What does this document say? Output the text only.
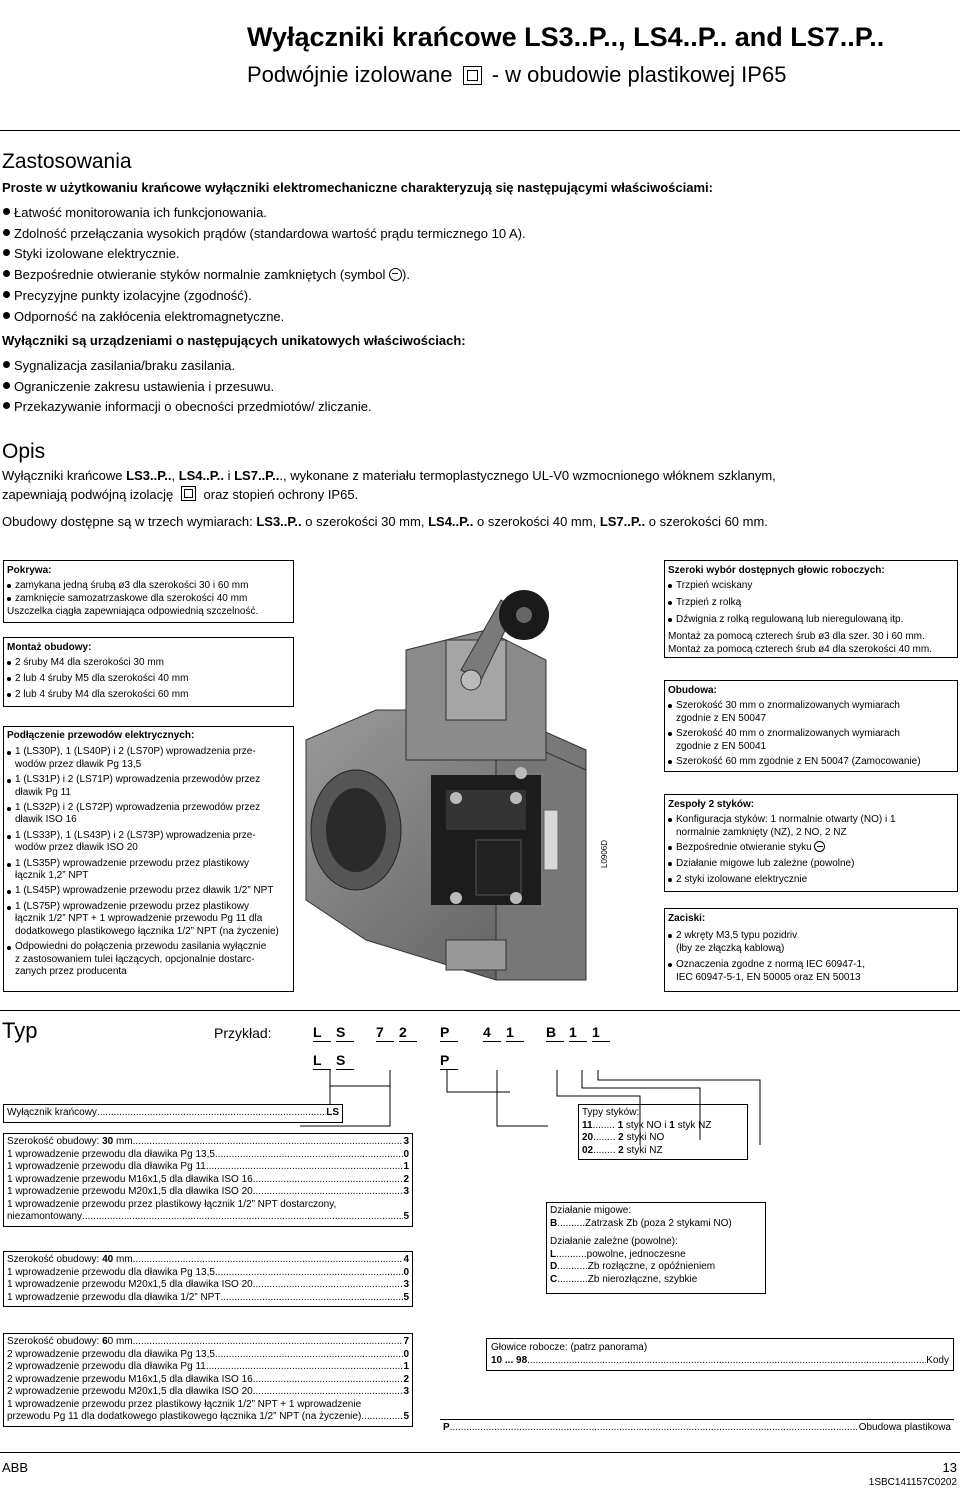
Wyłączniki krańcowe LS3..P.., LS4..P.. and LS7..P..
Podwójnie izolowane - w obudowie plastikowej IP65
Zastosowania
Proste w użytkowaniu krańcowe wyłączniki elektromechaniczne charakteryzują się następującymi właściwościami:
Łatwość monitorowania ich funkcjonowania.
Zdolność przełączania wysokich prądów (standardowa wartość prądu termicznego 10 A).
Styki izolowane elektrycznie.
Bezpośrednie otwieranie styków normalnie zamkniętych (symbol ).
Precyzyjne punkty izolacyjne (zgodność).
Odporność na zakłócenia elektromagnetyczne.
Wyłączniki są urządzeniami o następujących unikatowych właściwościach:
Sygnalizacja zasilania/braku zasilania.
Ograniczenie zakresu ustawienia i przesuwu.
Przekazywanie informacji o obecności przedmiotów/ zliczanie.
Opis
Wyłączniki krańcowe LS3..P.., LS4..P.. i LS7..P..., wykonane z materiału termoplastycznego UL-V0 wzmocnionego włóknem szklanym,
zapewniają podwójną izolację oraz stopień ochrony IP65.
Obudowy dostępne są w trzech wymiarach: LS3..P.. o szerokości 30 mm, LS4..P.. o szerokości 40 mm, LS7..P.. o szerokości 60 mm.
Pokrywa:
zamykana jedną śrubą ø3 dla szerokości 30 i 60 mm
zamknięcie samozatrzaskowe dla szerokości 40 mm
Uszczelka ciągła zapewniająca odpowiednią szczelność.
Montaż obudowy:
2 śruby M4 dla szerokości 30 mm
2 lub 4 śruby M5 dla szerokości 40 mm
2 lub 4 śruby M4 dla szerokości 60 mm
Podłączenie przewodów elektrycznych:
1 (LS30P), 1 (LS40P) i 2 (LS70P) wprowadzenia prze-
wodów przez dławik Pg 13,5
1 (LS31P) i 2 (LS71P) wprowadzenia przewodów przez
dławik Pg 11
1 (LS32P) i 2 (LS72P) wprowadzenia przewodów przez
dławik ISO 16
1 (LS33P), 1 (LS43P) i 2 (LS73P) wprowadzenia prze-
wodów przez dławik ISO 20
1 (LS35P) wprowadzenie przewodu przez plastikowy
łącznik 1,2” NPT
1 (LS45P) wprowadzenie przewodu przez dławik 1/2” NPT
1 (LS75P) wprowadzenie przewodu przez plastikowy
łącznik 1/2” NPT + 1 wprowadzenie przewodu Pg 11 dla
dodatkowego plastikowego łącznika 1/2” NPT (na życzenie)
Odpowiedni do połączenia przewodu zasilania wyłącznie
z zastosowaniem tulei łączących, opcjonalnie dostarc-
zanych przez producenta
L0906D
Szeroki wybór dostępnych głowic roboczych:
Trzpień wciskany
Trzpień z rolką
Dźwignia z rolką regulowaną lub nieregulowaną itp.
Montaż za pomocą czterech śrub ø3 dla szer. 30 i 60 mm.
Montaż za pomocą czterech śrub ø4 dla szerokości 40 mm.
Obudowa:
Szerokość 30 mm o znormalizowanych wymiarach
zgodnie z EN 50047
Szerokość 40 mm o znormalizowanych wymiarach
zgodnie z EN 50041
Szerokość 60 mm zgodnie z EN 50047 (Zamocowanie)
Zespoły 2 styków:
Konfiguracja styków: 1 normalnie otwarty (NO) i 1
normalnie zamknięty (NZ), 2 NO, 2 NZ
Bezpośrednie otwieranie styku
Działanie migowe lub zależne (powolne)
2 styki izolowane elektrycznie
Zaciski:
2 wkręty M3,5 typu pozidriv
(łby ze złączką kablową)
Oznaczenia zgodne z normą IEC 60947-1,
IEC 60947-5-1, EN 50005 oraz EN 50013
Typ	Przykład:	L	S	7	2	P	4	1	B 1	1
L	S	P
Wyłącznik krańcowy .....	LS
Szerokość obudowy: 30 mm .....	3
1 wprowadzenie przewodu dla dławika Pg 13,5 .....	0
1 wprowadzenie przewodu dla dławika Pg 11 .....	1
1 wprowadzenie przewodu M16x1,5 dla dławika ISO 16 .....	2
1 wprowadzenie przewodu M20x1,5 dla dławika ISO 20 .....	3
1 wprowadzenie przewodu przez plastikowy łącznik 1/2” NPT dostarczony,
niezamontowany .....	5
Szerokość obudowy: 40 mm .....	4
1 wprowadzenie przewodu dla dławika Pg 13,5 .....	0
1 wprowadzenie przewodu M20x1,5 dla dławika ISO 20 .....	3
1 wprowadzenie przewodu dla dławika 1/2” NPT .....	5
Szerokość obudowy: 60 mm .....	7
2 wprowadzenie przewodu dla dławika Pg 13,5 .....	0
2 wprowadzenie przewodu dla dławika Pg 11 .....	1
2 wprowadzenie przewodu M16x1,5 dla dławika ISO 16 .....	2
2 wprowadzenie przewodu M20x1,5 dla dławika ISO 20 .....	3
1 wprowadzenie przewodu przez plastikowy łącznik 1/2” NPT + 1 wprowadzenie
przewodu Pg 11 dla dodatkowego plastikowego łącznika 1/2” NPT (na życzenie) .....	5
Typy styków:
11........ 1 styk NO i 1 styk NZ
20........ 2 styki NO
02........ 2 styki NZ
Działanie migowe:
B..........Zatrzask Zb (poza 2 stykami NO)
Działanie zależne (powolne):
L...........powolne, jednoczesne
D...........Zb rozłączne, z opóźnieniem
C...........Zb nierozłączne, szybkie
Głowice robocze: (patrz panorama)
10 ... 98 .....	Kody
P .....	Obudowa plastikowa
ABB	13
1SBC141157C0202
